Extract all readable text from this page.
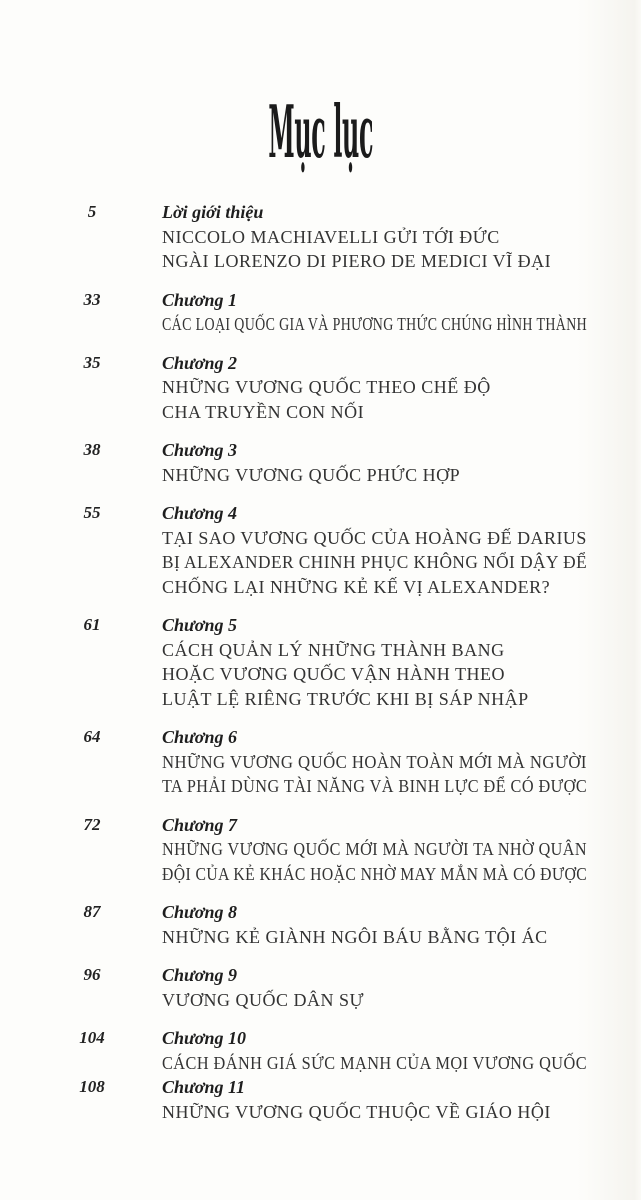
Mục lục
5	Lời giới thiệu
NICCOLO MACHIAVELLI GỬI TỚI ĐỨC
NGÀI LORENZO DI PIERO DE MEDICI VĨ ĐẠI
33	Chương 1
CÁC LOẠI QUỐC GIA VÀ PHƯƠNG THỨC CHÚNG HÌNH THÀNH
35	Chương 2
NHỮNG VƯƠNG QUỐC THEO CHẾ ĐỘ
CHA TRUYỀN CON NỐI
38	Chương 3
NHỮNG VƯƠNG QUỐC PHỨC HỢP
55	Chương 4
TẠI SAO VƯƠNG QUỐC CỦA HOÀNG ĐẾ DARIUS
BỊ ALEXANDER CHINH PHỤC KHÔNG NỔI DẬY ĐỂ
CHỐNG LẠI NHỮNG KẺ KẾ VỊ ALEXANDER?
61	Chương 5
CÁCH QUẢN LÝ NHỮNG THÀNH BANG
HOẶC VƯƠNG QUỐC VẬN HÀNH THEO
LUẬT LỆ RIÊNG TRƯỚC KHI BỊ SÁP NHẬP
64	Chương 6
NHỮNG VƯƠNG QUỐC HOÀN TOÀN MỚI MÀ NGƯỜI
TA PHẢI DÙNG TÀI NĂNG VÀ BINH LỰC ĐỂ CÓ ĐƯỢC
72	Chương 7
NHỮNG VƯƠNG QUỐC MỚI MÀ NGƯỜI TA NHỜ QUÂN
ĐỘI CỦA KẺ KHÁC HOẶC NHỜ MAY MẮN MÀ CÓ ĐƯỢC
87	Chương 8
NHỮNG KẺ GIÀNH NGÔI BÁU BẰNG TỘI ÁC
96	Chương 9
VƯƠNG QUỐC DÂN SỰ
104	Chương 10
CÁCH ĐÁNH GIÁ SỨC MẠNH CỦA MỌI VƯƠNG QUỐC
108	Chương 11
NHỮNG VƯƠNG QUỐC THUỘC VỀ GIÁO HỘI
